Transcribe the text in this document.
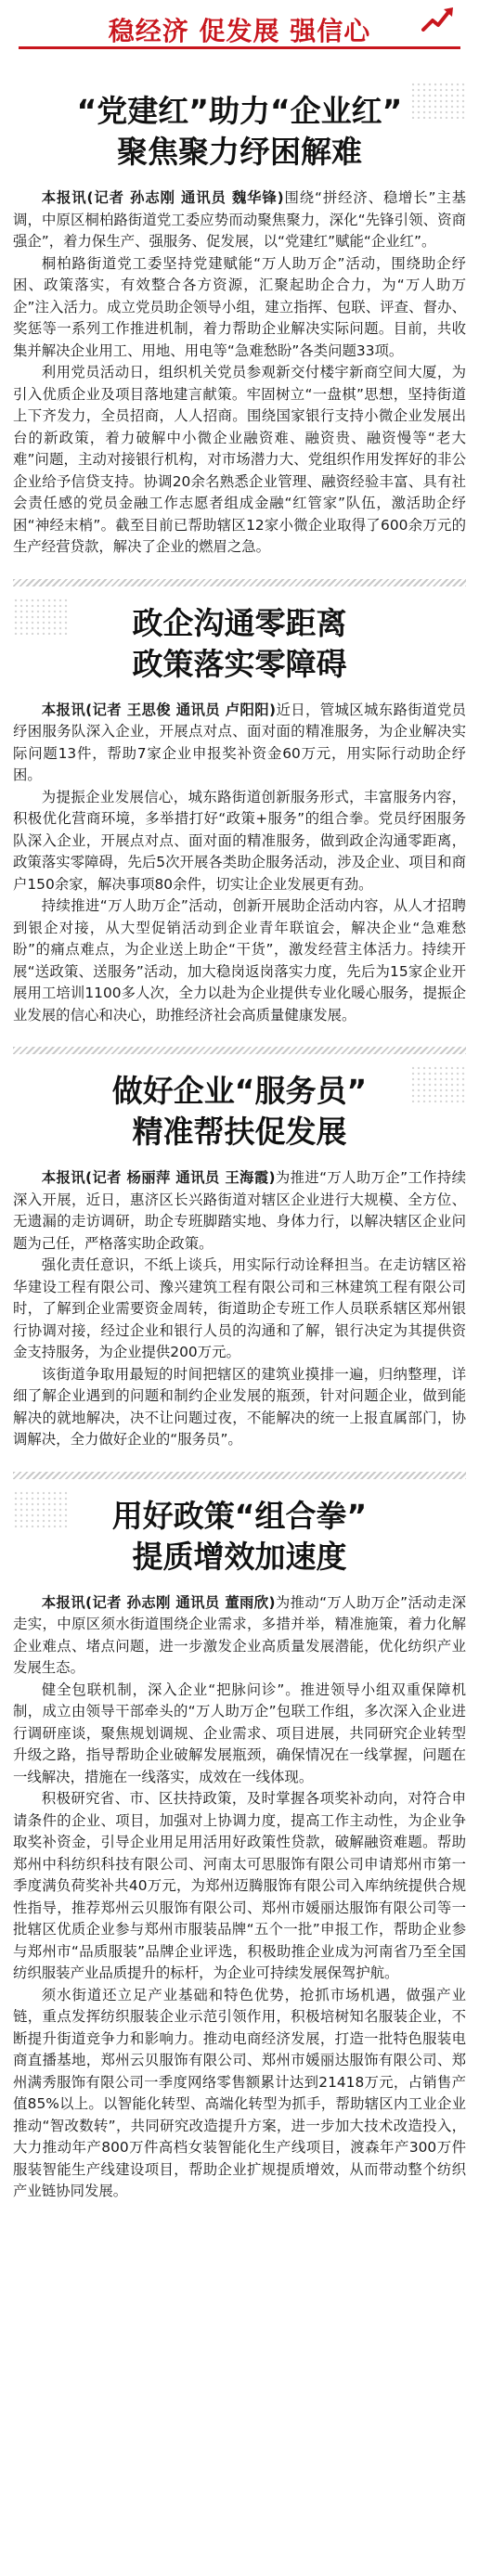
稳经济 促发展 强信心
“党建红”助力“企业红”
聚焦聚力纾困解难

本报讯(记者 孙志刚 通讯员 魏华锋)围绕“拼经济、稳增长”主基调，中原区桐柏路街道党工委应势而动聚焦聚力，深化“先锋引领、资商强企”，着力保生产、强服务、促发展，以“党建红”赋能“企业红”。

桐柏路街道党工委坚持党建赋能“万人助万企”活动，围绕助企纾困、政策落实，有效整合各方资源，汇聚起助企合力，为“万人助万企”注入活力。成立党员助企领导小组，建立指挥、包联、评查、督办、奖惩等一系列工作推进机制，着力帮助企业解决实际问题。目前，共收集并解决企业用工、用地、用电等“急难愁盼”各类问题33项。

利用党员活动日，组织机关党员参观新交付楼宇新商空间大厦，为引入优质企业及项目落地建言献策。牢固树立“一盘棋”思想，坚持街道上下齐发力，全员招商，人人招商。围绕国家银行支持小微企业发展出台的新政策，着力破解中小微企业融资难、融资贵、融资慢等“老大难”问题，主动对接银行机构，对市场潜力大、党组织作用发挥好的非公企业给予信贷支持。协调20余名熟悉企业管理、融资经验丰富、具有社会责任感的党员金融工作志愿者组成金融“红管家”队伍，激活助企纾困“神经末梢”。截至目前已帮助辖区12家小微企业取得了600余万元的生产经营贷款，解决了企业的燃眉之急。

政企沟通零距离
政策落实零障碍

本报讯(记者 王思俊 通讯员 卢阳阳)近日，管城区城东路街道党员纾困服务队深入企业，开展点对点、面对面的精准服务，为企业解决实际问题13件，帮助7家企业申报奖补资金60万元，用实际行动助企纾困。

为提振企业发展信心，城东路街道创新服务形式，丰富服务内容，积极优化营商环境，多举措打好“政策+服务”的组合拳。党员纾困服务队深入企业，开展点对点、面对面的精准服务，做到政企沟通零距离，政策落实零障碍，先后5次开展各类助企服务活动，涉及企业、项目和商户150余家，解决事项80余件，切实让企业发展更有劲。

持续推进“万人助万企”活动，创新开展助企活动内容，从人才招聘到银企对接，从大型促销活动到企业青年联谊会，解决企业“急难愁盼”的痛点难点，为企业送上助企“干货”，激发经营主体活力。持续开展“送政策、送服务”活动，加大稳岗返岗落实力度，先后为15家企业开展用工培训1100多人次，全力以赴为企业提供专业化暖心服务，提振企业发展的信心和决心，助推经济社会高质量健康发展。

做好企业“服务员”
精准帮扶促发展

本报讯(记者 杨丽萍 通讯员 王海霞)为推进“万人助万企”工作持续深入开展，近日，惠济区长兴路街道对辖区企业进行大规模、全方位、无遗漏的走访调研，助企专班脚踏实地、身体力行，以解决辖区企业问题为己任，严格落实助企政策。

强化责任意识，不纸上谈兵，用实际行动诠释担当。在走访辖区裕华建设工程有限公司、豫兴建筑工程有限公司和三林建筑工程有限公司时，了解到企业需要资金周转，街道助企专班工作人员联系辖区郑州银行协调对接，经过企业和银行人员的沟通和了解，银行决定为其提供资金支持服务，为企业提供200万元。

该街道争取用最短的时间把辖区的建筑业摸排一遍，归纳整理，详细了解企业遇到的问题和制约企业发展的瓶颈，针对问题企业，做到能解决的就地解决，决不让问题过夜，不能解决的统一上报直属部门，协调解决，全力做好企业的“服务员”。

用好政策“组合拳”
提质增效加速度

本报讯(记者 孙志刚 通讯员 董雨欣)为推动“万人助万企”活动走深走实，中原区须水街道围绕企业需求，多措并举，精准施策，着力化解企业难点、堵点问题，进一步激发企业高质量发展潜能，优化纺织产业发展生态。

健全包联机制，深入企业“把脉问诊”。推进领导小组双重保障机制，成立由领导干部牵头的“万人助万企”包联工作组，多次深入企业进行调研座谈，聚焦规划调规、企业需求、项目进展，共同研究企业转型升级之路，指导帮助企业破解发展瓶颈，确保情况在一线掌握，问题在一线解决，措施在一线落实，成效在一线体现。

积极研究省、市、区扶持政策，及时掌握各项奖补动向，对符合申请条件的企业、项目，加强对上协调力度，提高工作主动性，为企业争取奖补资金，引导企业用足用活用好政策性贷款，破解融资难题。帮助郑州中科纺织科技有限公司、河南太可思服饰有限公司申请郑州市第一季度满负荷奖补共40万元，为郑州迈腾服饰有限公司入库纳统提供合规性指导，推荐郑州云贝服饰有限公司、郑州市媛丽达服饰有限公司等一批辖区优质企业参与郑州市服装品牌“五个一批”申报工作，帮助企业参与郑州市“品质服装”品牌企业评选，积极助推企业成为河南省乃至全国纺织服装产业品质提升的标杆，为企业可持续发展保驾护航。

须水街道还立足产业基础和特色优势，抢抓市场机遇，做强产业链，重点发挥纺织服装企业示范引领作用，积极培树知名服装企业，不断提升街道竞争力和影响力。推动电商经济发展，打造一批特色服装电商直播基地，郑州云贝服饰有限公司、郑州市媛丽达服饰有限公司、郑州满秀服饰有限公司一季度网络零售额累计达到21418万元，占销售产值85%以上。以智能化转型、高端化转型为抓手，帮助辖区内工业企业推动“智改数转”，共同研究改造提升方案，进一步加大技术改造投入，大力推动年产800万件高档女装智能化生产线项目，渡森年产300万件服装智能生产线建设项目，帮助企业扩规提质增效，从而带动整个纺织产业链协同发展。
